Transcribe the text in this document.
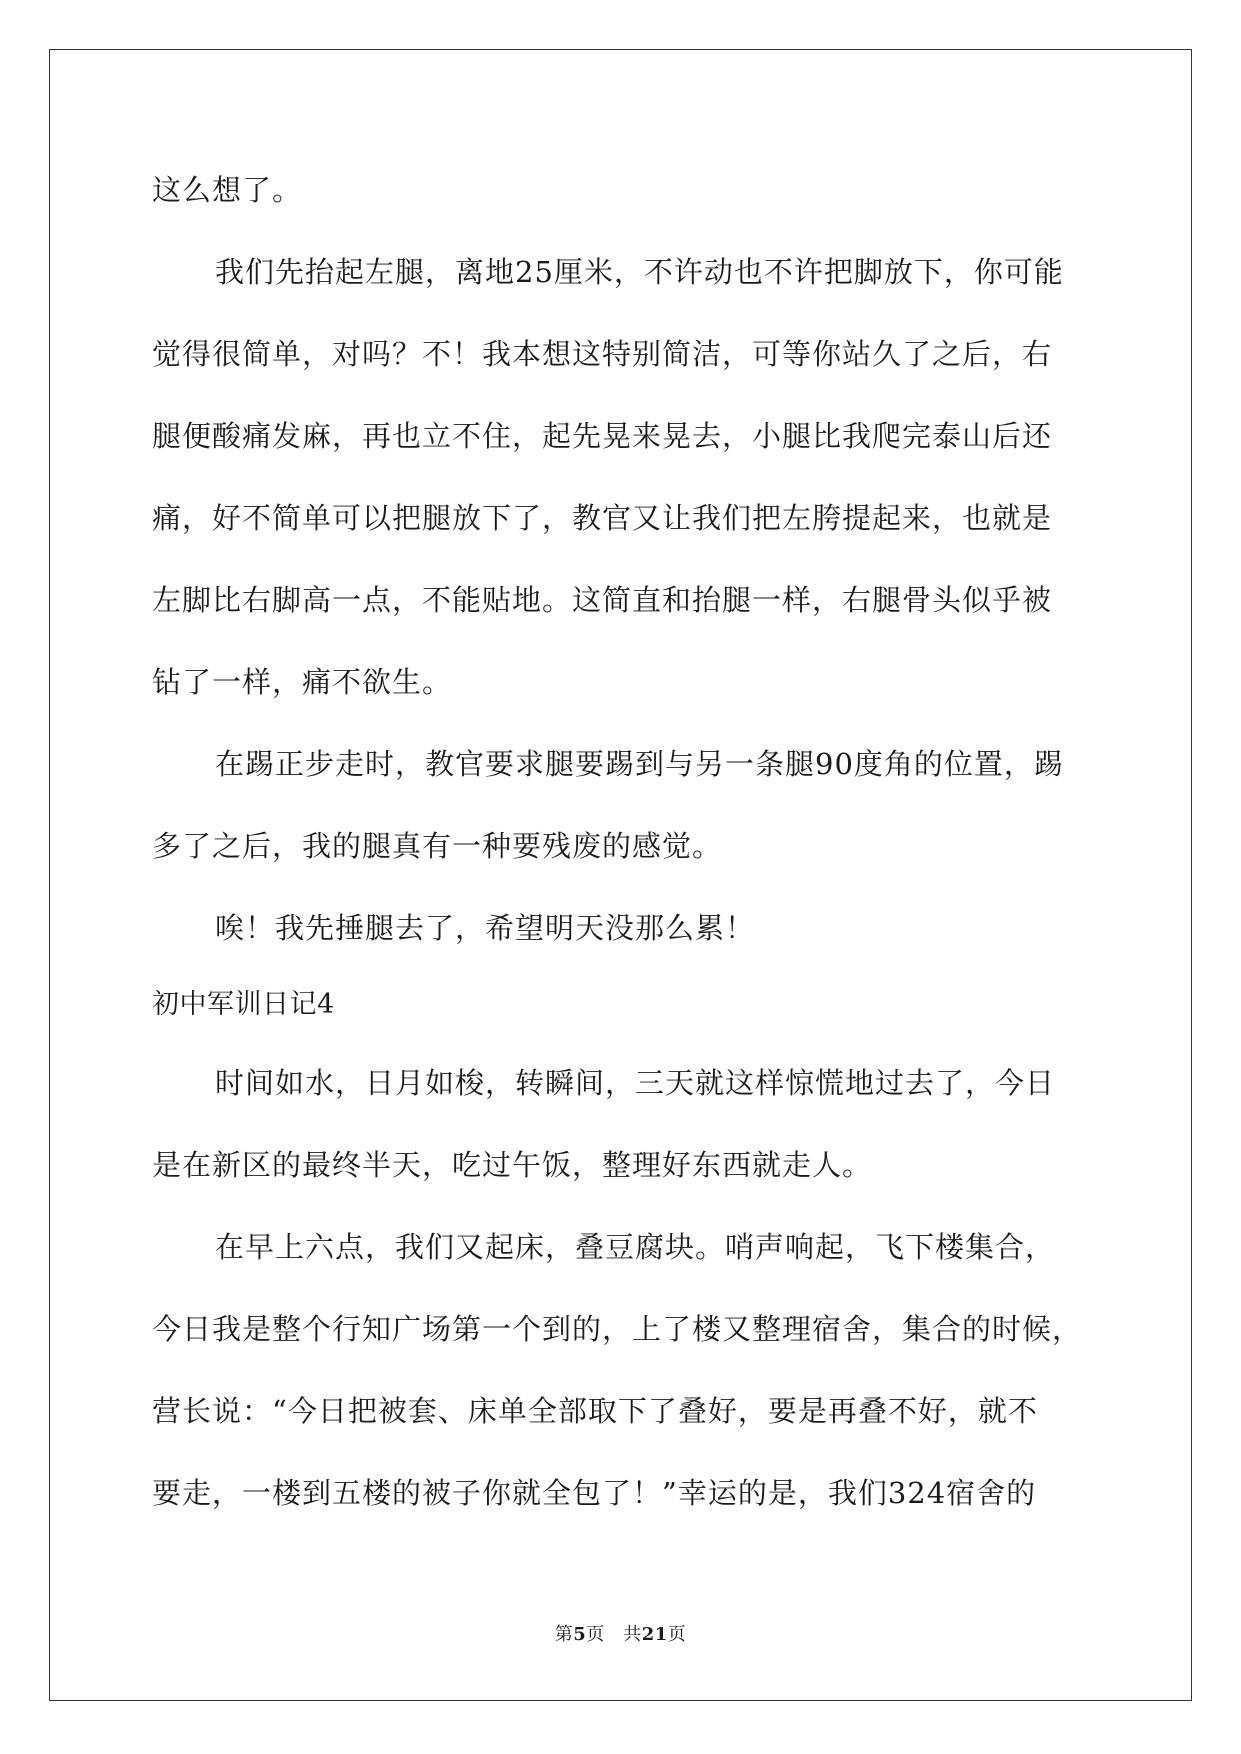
这么想了。
我们先抬起左腿，离地25厘米，不许动也不许把脚放下，你可能
觉得很简单，对吗？不！我本想这特别简洁，可等你站久了之后，右
腿便酸痛发麻，再也立不住，起先晃来晃去，小腿比我爬完泰山后还
痛，好不简单可以把腿放下了，教官又让我们把左胯提起来，也就是
左脚比右脚高一点，不能贴地。这简直和抬腿一样，右腿骨头似乎被
钻了一样，痛不欲生。
在踢正步走时，教官要求腿要踢到与另一条腿90度角的位置，踢
多了之后，我的腿真有一种要残废的感觉。
唉！我先捶腿去了，希望明天没那么累！
初中军训日记4
时间如水，日月如梭，转瞬间，三天就这样惊慌地过去了，今日
是在新区的最终半天，吃过午饭，整理好东西就走人。
在早上六点，我们又起床，叠豆腐块。哨声响起，飞下楼集合，
今日我是整个行知广场第一个到的，上了楼又整理宿舍，集合的时候，
营长说：“今日把被套、床单全部取下了叠好，要是再叠不好，就不
要走，一楼到五楼的被子你就全包了！”幸运的是，我们324宿舍的
第5页　共21页
